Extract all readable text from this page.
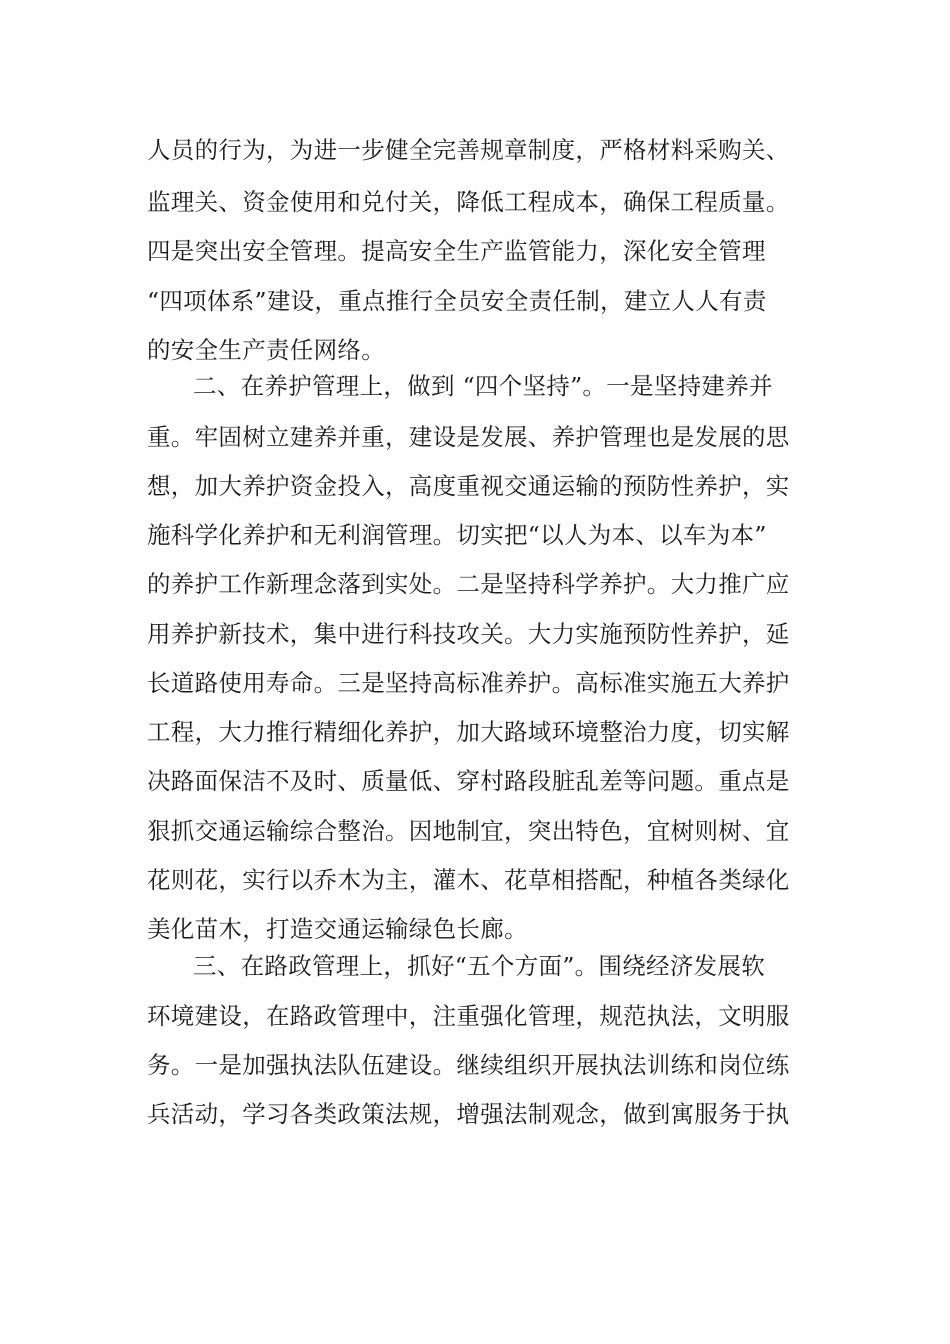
人员的行为，为进一步健全完善规章制度，严格材料采购关、
监理关、资金使用和兑付关，降低工程成本，确保工程质量。
四是突出安全管理。提高安全生产监管能力，深化安全管理
“四项体系”建设，重点推行全员安全责任制，建立人人有责
的安全生产责任网络。
二、在养护管理上，做到 “四个坚持”。一是坚持建养并
重。牢固树立建养并重，建设是发展、养护管理也是发展的思
想，加大养护资金投入，高度重视交通运输的预防性养护，实
施科学化养护和无利润管理。切实把“以人为本、以车为本”
的养护工作新理念落到实处。二是坚持科学养护。大力推广应
用养护新技术，集中进行科技攻关。大力实施预防性养护，延
长道路使用寿命。三是坚持高标准养护。高标准实施五大养护
工程，大力推行精细化养护，加大路域环境整治力度，切实解
决路面保洁不及时、质量低、穿村路段脏乱差等问题。重点是
狠抓交通运输综合整治。因地制宜，突出特色，宜树则树、宜
花则花，实行以乔木为主，灌木、花草相搭配，种植各类绿化
美化苗木，打造交通运输绿色长廊。
三、在路政管理上，抓好“五个方面”。围绕经济发展软
环境建设，在路政管理中，注重强化管理，规范执法，文明服
务。一是加强执法队伍建设。继续组织开展执法训练和岗位练
兵活动，学习各类政策法规，增强法制观念，做到寓服务于执
